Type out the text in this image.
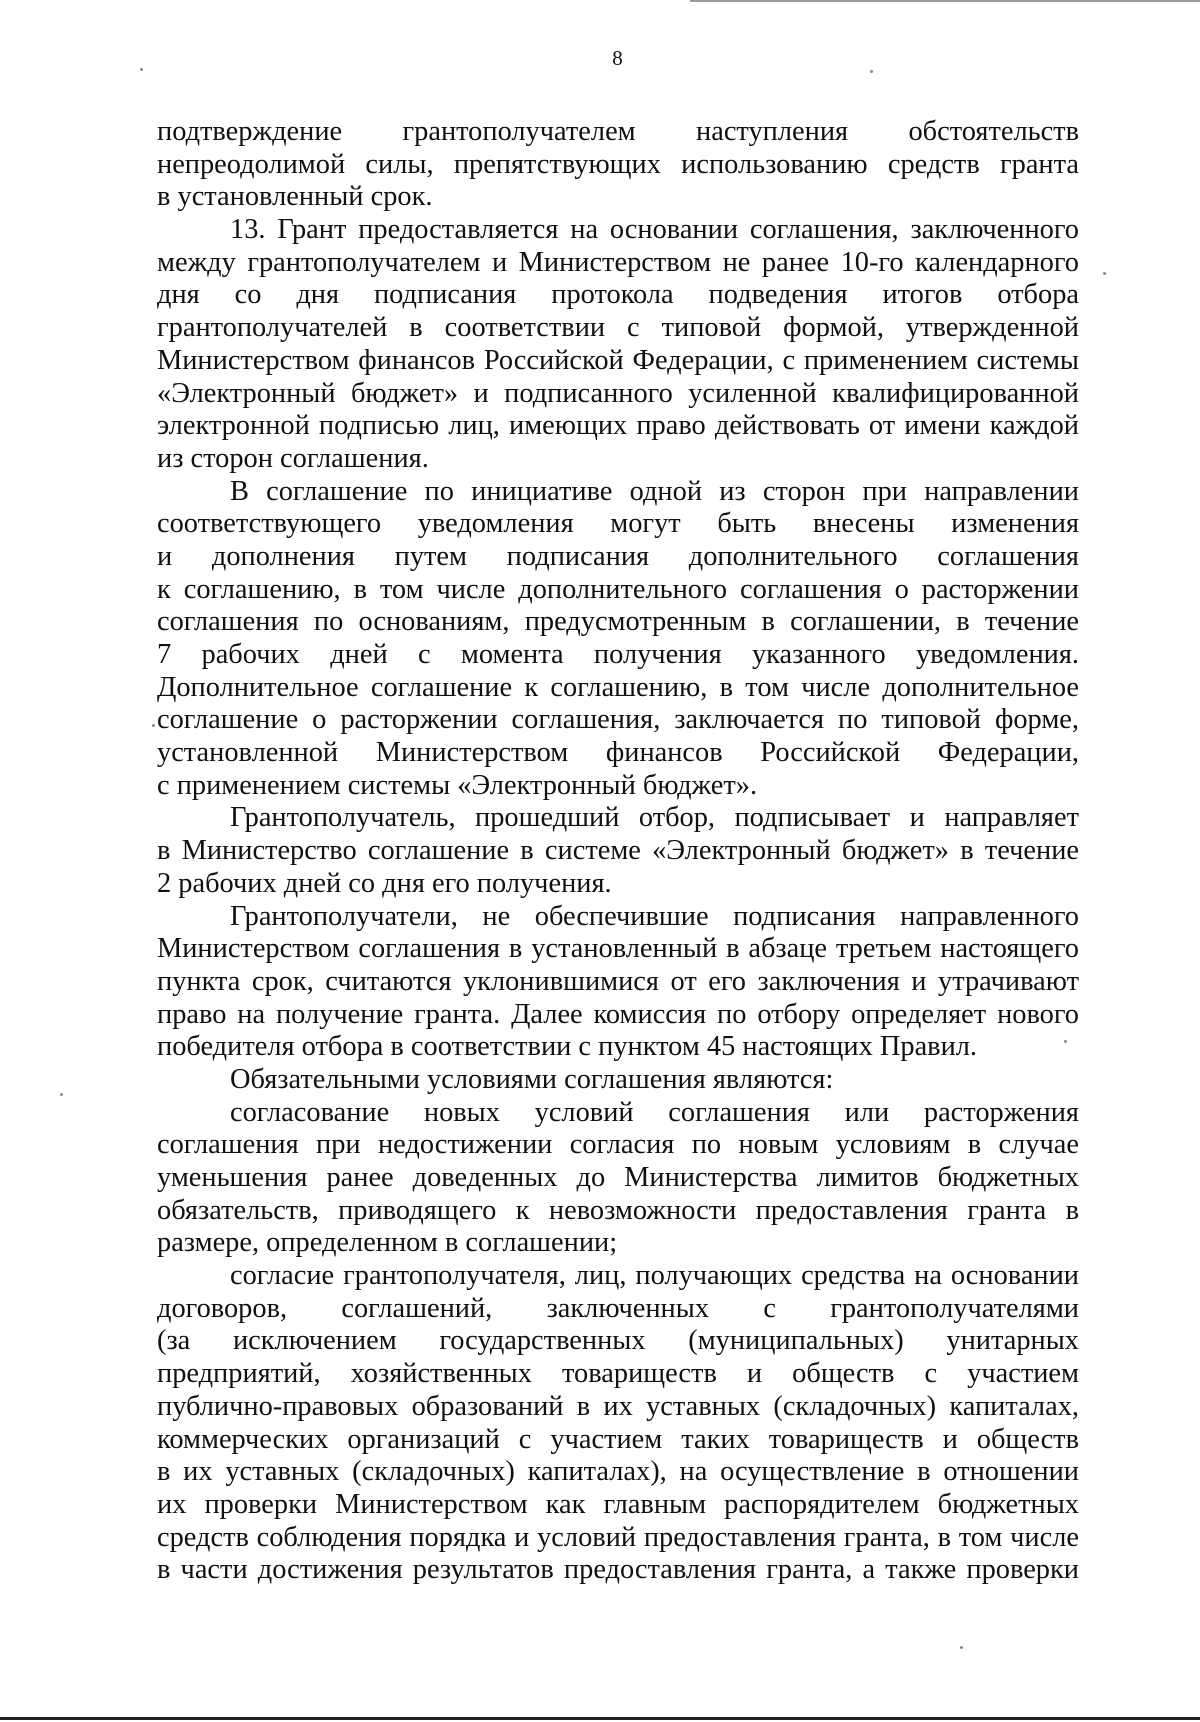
8

подтверждение грантополучателем наступления обстоятельств
непреодолимой силы, препятствующих использованию средств гранта
в установленный срок.

13. Грант предоставляется на основании соглашения, заключенного
между грантополучателем и Министерством не ранее 10-го календарного
дня со дня подписания протокола подведения итогов отбора
грантополучателей в соответствии с типовой формой, утвержденной
Министерством финансов Российской Федерации, с применением системы
«Электронный бюджет» и подписанного усиленной квалифицированной
электронной подписью лиц, имеющих право действовать от имени каждой
из сторон соглашения.

В соглашение по инициативе одной из сторон при направлении
соответствующего уведомления могут быть внесены изменения
и дополнения путем подписания дополнительного соглашения
к соглашению, в том числе дополнительного соглашения о расторжении
соглашения по основаниям, предусмотренным в соглашении, в течение
7 рабочих дней с момента получения указанного уведомления.
Дополнительное соглашение к соглашению, в том числе дополнительное
соглашение о расторжении соглашения, заключается по типовой форме,
установленной Министерством финансов Российской Федерации,
с применением системы «Электронный бюджет».

Грантополучатель, прошедший отбор, подписывает и направляет
в Министерство соглашение в системе «Электронный бюджет» в течение
2 рабочих дней со дня его получения.

Грантополучатели, не обеспечившие подписания направленного
Министерством соглашения в установленный в абзаце третьем настоящего
пункта срок, считаются уклонившимися от его заключения и утрачивают
право на получение гранта. Далее комиссия по отбору определяет нового
победителя отбора в соответствии с пунктом 45 настоящих Правил.

Обязательными условиями соглашения являются:

согласование новых условий соглашения или расторжения
соглашения при недостижении согласия по новым условиям в случае
уменьшения ранее доведенных до Министерства лимитов бюджетных
обязательств, приводящего к невозможности предоставления гранта в
размере, определенном в соглашении;

согласие грантополучателя, лиц, получающих средства на основании
договоров, соглашений, заключенных с грантополучателями
(за исключением государственных (муниципальных) унитарных
предприятий, хозяйственных товариществ и обществ с участием
публично-правовых образований в их уставных (складочных) капиталах,
коммерческих организаций с участием таких товариществ и обществ
в их уставных (складочных) капиталах), на осуществление в отношении
их проверки Министерством как главным распорядителем бюджетных
средств соблюдения порядка и условий предоставления гранта, в том числе
в части достижения результатов предоставления гранта, а также проверки
